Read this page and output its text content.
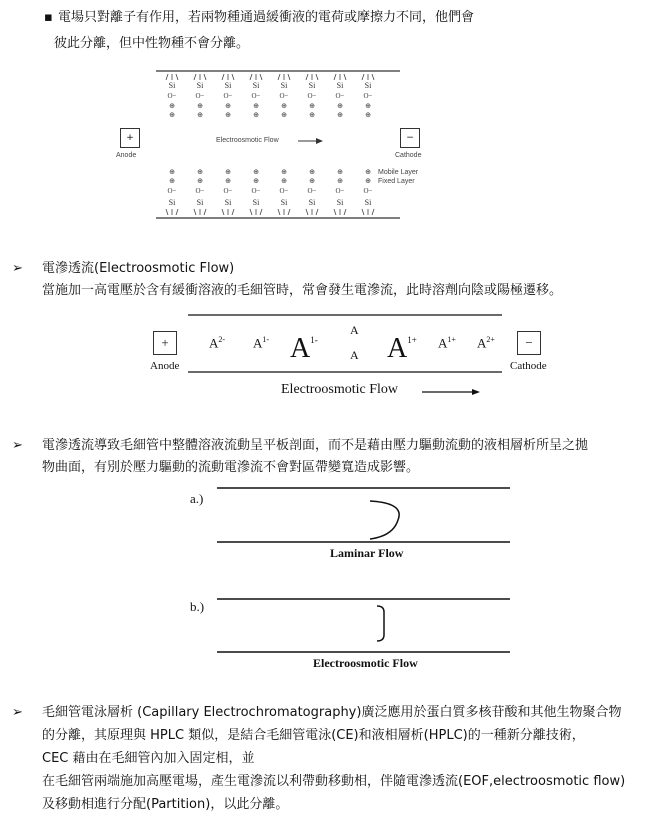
▪ 電場只對離子有作用，若兩物種通過緩衝液的電荷或摩擦力不同，他們會
彼此分離，但中性物種不會分離。
Si
O−
⊕
⊕
Si
O−
⊕
⊕
Si
O−
⊕
⊕
Si
O−
⊕
⊕
Si
O−
⊕
⊕
Si
O−
⊕
⊕
Si
O−
⊕
⊕
Si
O−
⊕
⊕
⊕
⊕
O−
Si
⊕
⊕
O−
Si
⊕
⊕
O−
Si
⊕
⊕
O−
Si
⊕
⊕
O−
Si
⊕
⊕
O−
Si
⊕
⊕
O−
Si
⊕
⊕
O−
Si
+
Anode
Electroosmotic Flow	−
Cathode
Mobile Layer
Fixed Layer
➢ 電滲透流(Electroosmotic Flow)
當施加一高電壓於含有緩衝溶液的毛細管時，常會發生電滲流，此時溶劑向陰或陽極遷移。
+
Anode
−
Cathode
$A^{2-}$ $A^{1-}$ $A^{1-}$
A
A $A^{1+}$ $A^{1+}$ $A^{2+}$
Electroosmotic Flow
➢ 電滲透流導致毛細管中整體溶液流動呈平板剖面，而不是藉由壓力驅動流動的液相層析所呈之拋
物曲面，有別於壓力驅動的流動電滲流不會對區帶變寬造成影響。
a.)
Laminar Flow
b.)
Electroosmotic Flow
➢ 毛細管電泳層析 (Capillary Electrochromatography)廣泛應用於蛋白質多核苷酸和其他生物聚合物
的分離，其原理與 HPLC 類似，是結合毛細管電泳(CE)和液相層析(HPLC)的一種新分離技術，
CEC 藉由在毛細管內加入固定相，並
在毛細管兩端施加高壓電場，產生電滲流以利帶動移動相，伴隨電滲透流(EOF,electroosmotic flow)
及移動相進行分配(Partition)，以此分離。
